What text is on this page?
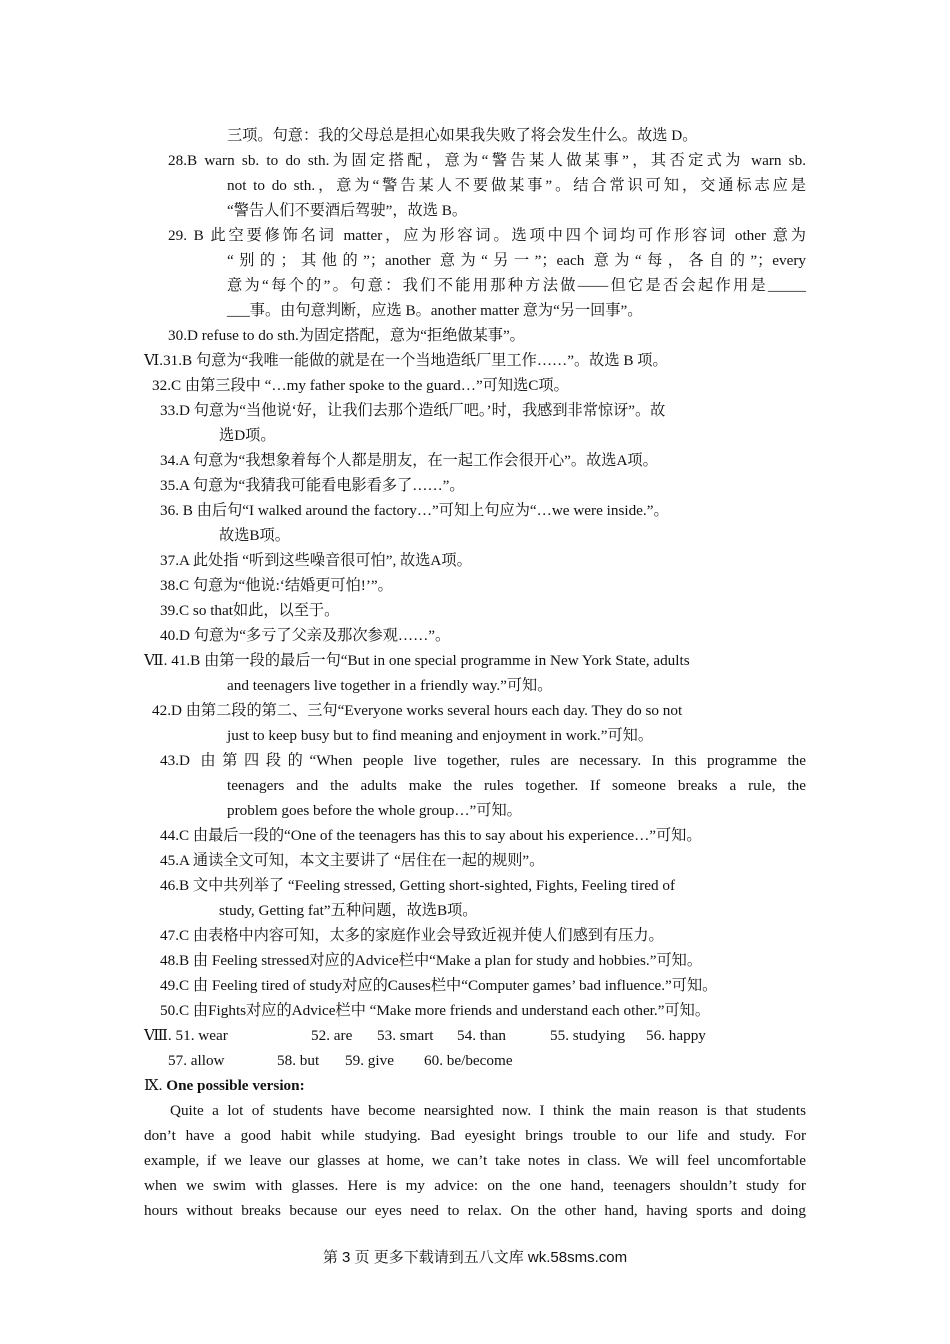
三项。句意：我的父母总是担心如果我失败了将会发生什么。故选 D。
28.B warn sb. to do sth.为固定搭配，意为“警告某人做某事”，其否定式为 warn sb.
not to do sth.，意为“警告某人不要做某事”。结合常识可知，交通标志应是
“警告人们不要酒后驾驶”，故选 B。
29. B 此空要修饰名词 matter，应为形容词。选项中四个词均可作形容词 other 意为
“别的；其他的”；another 意为“另一”；each 意为“每，各自的”；every
意为“每个的”。句意：我们不能用那种方法做——但它是否会起作用是_____
___事。由句意判断，应选 B。another matter 意为“另一回事”。
30.D refuse to do sth.为固定搭配，意为“拒绝做某事”。
Ⅵ.31.B 句意为“我唯一能做的就是在一个当地造纸厂里工作……”。故选 B 项。
32.C 由第三段中 “…my father spoke to the guard…”可知选C项。
33.D 句意为“当他说‘好，让我们去那个造纸厂吧。’时，我感到非常惊讶”。故
选D项。
34.A 句意为“我想象着每个人都是朋友，在一起工作会很开心”。故选A项。
35.A 句意为“我猜我可能看电影看多了……”。
36. B 由后句“I walked around the factory…”可知上句应为“…we were inside.”。
故选B项。
37.A 此处指 “听到这些噪音很可怕”, 故选A项。
38.C 句意为“他说:‘结婚更可怕!’”。
39.C so that如此，以至于。
40.D 句意为“多亏了父亲及那次参观……”。
Ⅶ. 41.B 由第一段的最后一句“But in one special programme in New York State, adults
and teenagers live together in a friendly way.”可知。
42.D 由第二段的第二、三句“Everyone works several hours each day. They do so not
just to keep busy but to find meaning and enjoyment in work.”可知。
43.D 由第四段的“When people live together, rules are necessary. In this programme the
teenagers and the adults make the rules together. If someone breaks a rule, the
problem goes before the whole group…”可知。
44.C 由最后一段的“One of the teenagers has this to say about his experience…”可知。
45.A 通读全文可知，本文主要讲了 “居住在一起的规则”。
46.B 文中共列举了 “Feeling stressed, Getting short-sighted, Fights, Feeling tired of
study, Getting fat”五种问题，故选B项。
47.C 由表格中内容可知，太多的家庭作业会导致近视并使人们感到有压力。
48.B 由 Feeling stressed对应的Advice栏中“Make a plan for study and hobbies.”可知。
49.C 由 Feeling tired of study对应的Causes栏中“Computer games’ bad influence.”可知。
50.C 由Fights对应的Advice栏中 “Make more friends and understand each other.”可知。
Ⅷ. 51. wear	52. are 53. smart 54. than	55. studying 56. happy
57. allow	58. but 59. give 60. be/become
Ⅸ. One possible version:
Quite a lot of students have become nearsighted now. I think the main reason is that students
don’t have a good habit while studying. Bad eyesight brings trouble to our life and study. For
example, if we leave our glasses at home, we can’t take notes in class. We will feel uncomfortable
when we swim with glasses. Here is my advice: on the one hand, teenagers shouldn’t study for
hours without breaks because our eyes need to relax. On the other hand, having sports and doing
第 3 页 更多下载请到五八文库 wk.58sms.com
